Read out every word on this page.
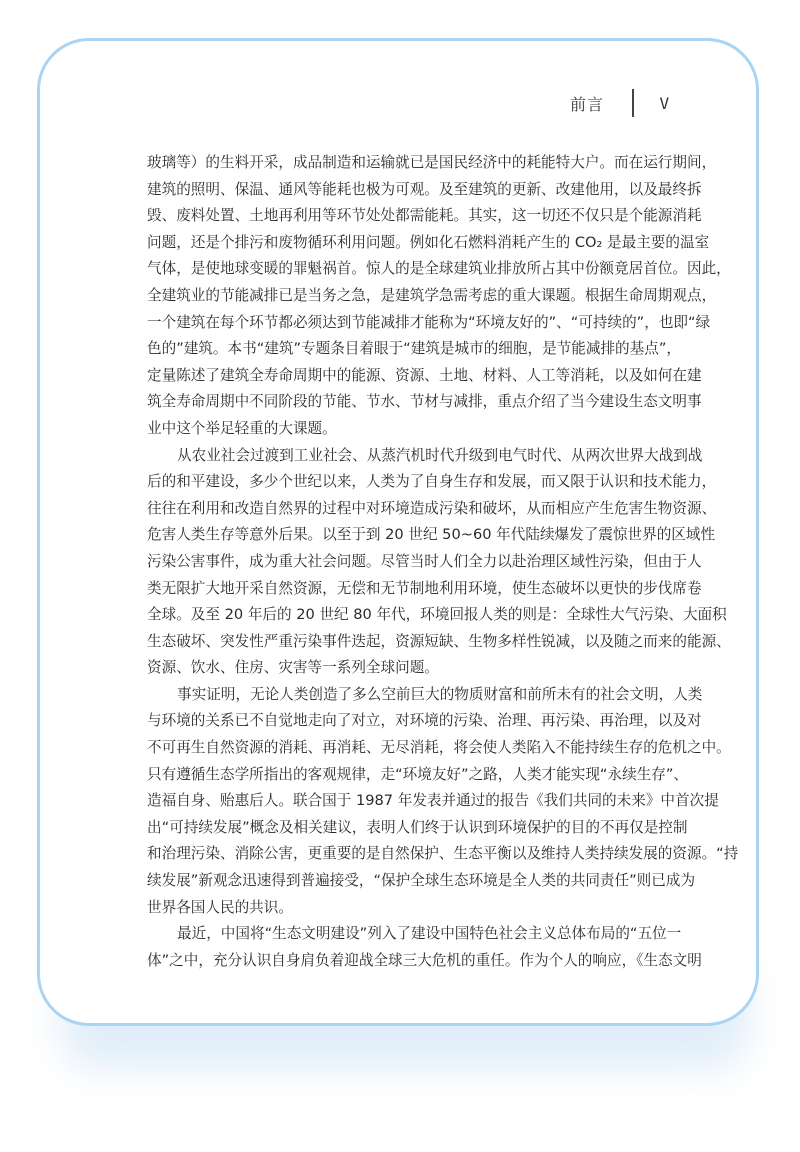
前言	V
玻璃等）的生料开采，成品制造和运输就已是国民经济中的耗能特大户。而在运行期间，
建筑的照明、保温、通风等能耗也极为可观。及至建筑的更新、改建他用，以及最终拆
毁、废料处置、土地再利用等环节处处都需能耗。其实，这一切还不仅只是个能源消耗
问题，还是个排污和废物循环利用问题。例如化石燃料消耗产生的 CO₂ 是最主要的温室
气体，是使地球变暖的罪魁祸首。惊人的是全球建筑业排放所占其中份额竟居首位。因此，
全建筑业的节能减排已是当务之急，是建筑学急需考虑的重大课题。根据生命周期观点，
一个建筑在每个环节都必须达到节能减排才能称为“环境友好的”、“可持续的”，也即“绿
色的”建筑。本书“建筑”专题条目着眼于“建筑是城市的细胞，是节能减排的基点”，
定量陈述了建筑全寿命周期中的能源、资源、土地、材料、人工等消耗，以及如何在建
筑全寿命周期中不同阶段的节能、节水、节材与减排，重点介绍了当今建设生态文明事
业中这个举足轻重的大课题。
从农业社会过渡到工业社会、从蒸汽机时代升级到电气时代、从两次世界大战到战
后的和平建设，多少个世纪以来，人类为了自身生存和发展，而又限于认识和技术能力，
往往在利用和改造自然界的过程中对环境造成污染和破坏，从而相应产生危害生物资源、
危害人类生存等意外后果。以至于到 20 世纪 50~60 年代陆续爆发了震惊世界的区域性
污染公害事件，成为重大社会问题。尽管当时人们全力以赴治理区域性污染，但由于人
类无限扩大地开采自然资源，无偿和无节制地利用环境，使生态破坏以更快的步伐席卷
全球。及至 20 年后的 20 世纪 80 年代，环境回报人类的则是：全球性大气污染、大面积
生态破坏、突发性严重污染事件迭起，资源短缺、生物多样性锐减，以及随之而来的能源、
资源、饮水、住房、灾害等一系列全球问题。
事实证明，无论人类创造了多么空前巨大的物质财富和前所未有的社会文明，人类
与环境的关系已不自觉地走向了对立，对环境的污染、治理、再污染、再治理，以及对
不可再生自然资源的消耗、再消耗、无尽消耗，将会使人类陷入不能持续生存的危机之中。
只有遵循生态学所指出的客观规律，走“环境友好”之路，人类才能实现“永续生存”、
造福自身、贻惠后人。联合国于 1987 年发表并通过的报告《我们共同的未来》中首次提
出“可持续发展”概念及相关建议，表明人们终于认识到环境保护的目的不再仅是控制
和治理污染、消除公害，更重要的是自然保护、生态平衡以及维持人类持续发展的资源。“持
续发展”新观念迅速得到普遍接受，“保护全球生态环境是全人类的共同责任”则已成为
世界各国人民的共识。
最近，中国将“生态文明建设”列入了建设中国特色社会主义总体布局的“五位一
体”之中，充分认识自身肩负着迎战全球三大危机的重任。作为个人的响应，《生态文明
